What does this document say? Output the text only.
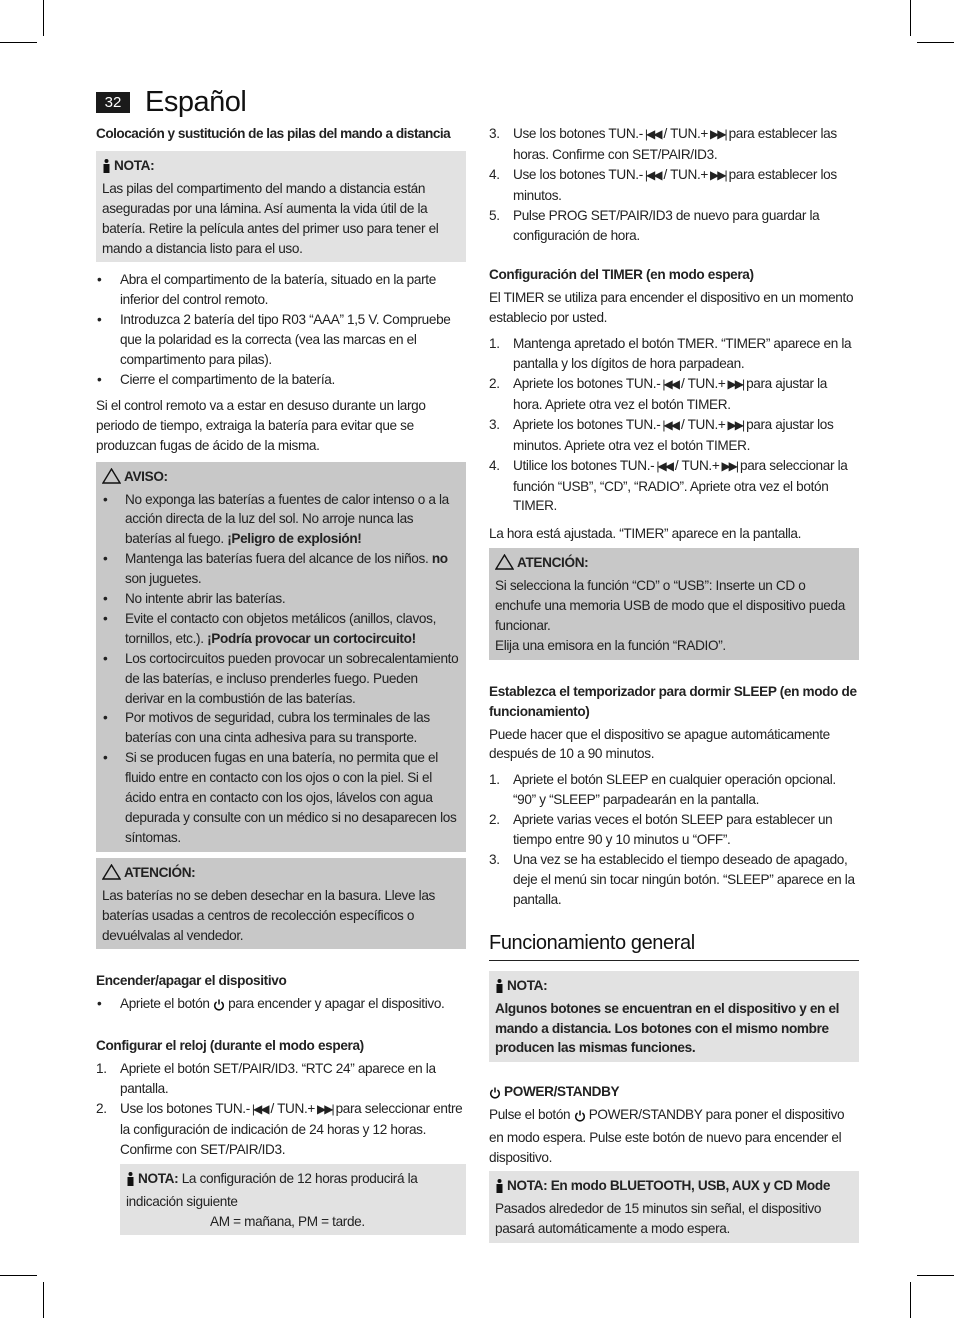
32 Español

Colocación y sustitución de las pilas del mando a distancia

NOTA:

Las pilas del compartimento del mando a distancia están aseguradas por una lámina. Así aumenta la vida útil de la batería. Retire la película antes del primer uso para tener el mando a distancia listo para el uso.

• Abra el compartimento de la batería, situado en la parte inferior del control remoto.
• Introduzca 2 batería del tipo R03 “AAA” 1,5 V. Compruebe que la polaridad es la correcta (vea las marcas en el compartimento para pilas).
• Cierre el compartimento de la batería.

Si el control remoto va a estar en desuso durante un largo periodo de tiempo, extraiga la batería para evitar que se produzcan fugas de ácido de la misma.

AVISO:
• No exponga las baterías a fuentes de calor intenso o a la acción directa de la luz del sol. No arroje nunca las baterías al fuego. ¡Peligro de explosión!
• Mantenga las baterías fuera del alcance de los niños. no son juguetes.
• No intente abrir las baterías.
• Evite el contacto con objetos metálicos (anillos, clavos, tornillos, etc.). ¡Podría provocar un cortocircuito!
• Los cortocircuitos pueden provocar un sobrecalentamiento de las baterías, e incluso prenderles fuego. Pueden derivar en la combustión de las baterías.
• Por motivos de seguridad, cubra los terminales de las baterías con una cinta adhesiva para su transporte.
• Si se producen fugas en una batería, no permita que el fluido entre en contacto con los ojos o con la piel. Si el ácido entra en contacto con los ojos, lávelos con agua depurada y consulte con un médico si no desaparecen los síntomas.
ATENCIÓN:

Las baterías no se deben desechar en la basura. Lleve las baterías usadas a centros de recolección específicos o devuélvalas al vendedor.

Encender/apagar el dispositivo

• Apriete el botón para encender y apagar el dispositivo.

Configurar el reloj (durante el modo espera)

1. Apriete el botón SET/PAIR/ID3. “RTC 24” aparece en la pantalla.
2. Use los botones TUN.- |◀◀ / TUN.+ ▶▶| para seleccionar entre la configuración de indicación de 24 horas y 12 horas. Confirme con SET/PAIR/ID3.
NOTA: La configuración de 12 horas producirá la indicación siguiente

AM = mañana, PM = tarde.

3. Use los botones TUN.- |◀◀ / TUN.+ ▶▶| para establecer las horas. Confirme con SET/PAIR/ID3.
4. Use los botones TUN.- |◀◀ / TUN.+ ▶▶| para establecer los minutos.
5. Pulse PROG SET/PAIR/ID3 de nuevo para guardar la configuración de hora.

Configuración del TIMER (en modo espera)

El TIMER se utiliza para encender el dispositivo en un momento establecio por usted.

1. Mantenga apretado el botón TMER. “TIMER” aparece en la pantalla y los dígitos de hora parpadean.
2. Apriete los botones TUN.- |◀◀ / TUN.+ ▶▶| para ajustar la hora. Apriete otra vez el botón TIMER.
3. Apriete los botones TUN.- |◀◀ / TUN.+ ▶▶| para ajustar los minutos. Apriete otra vez el botón TIMER.
4. Utilice los botones TUN.- |◀◀ / TUN.+ ▶▶| para seleccionar la función “USB”, “CD”, “RADIO”. Apriete otra vez el botón TIMER.

La hora está ajustada. “TIMER” aparece en la pantalla.

ATENCIÓN:

Si selecciona la función “CD” o “USB”: Inserte un CD o enchufe una memoria USB de modo que el dispositivo pueda funcionar.

Elija una emisora en la función “RADIO”.

Establezca el temporizador para dormir SLEEP (en modo de funcionamiento)

Puede hacer que el dispositivo se apague automáticamente después de 10 a 90 minutos.

1. Apriete el botón SLEEP en cualquier operación opcional. “90” y “SLEEP” parpadearán en la pantalla.
2. Apriete varias veces el botón SLEEP para establecer un tiempo entre 90 y 10 minutos u “OFF”.
3. Una vez se ha establecido el tiempo deseado de apagado, deje el menú sin tocar ningún botón. “SLEEP” aparece en la pantalla.
Funcionamiento general
NOTA:

Algunos botones se encuentran en el dispositivo y en el mando a distancia. Los botones con el mismo nombre producen las mismas funciones.

POWER/STANDBY

Pulse el botón POWER/STANDBY para poner el dispositivo en modo espera. Pulse este botón de nuevo para encender el dispositivo.

NOTA: En modo BLUETOOTH, USB, AUX y CD Mode

Pasados alrededor de 15 minutos sin señal, el dispositivo pasará automáticamente a modo espera.
